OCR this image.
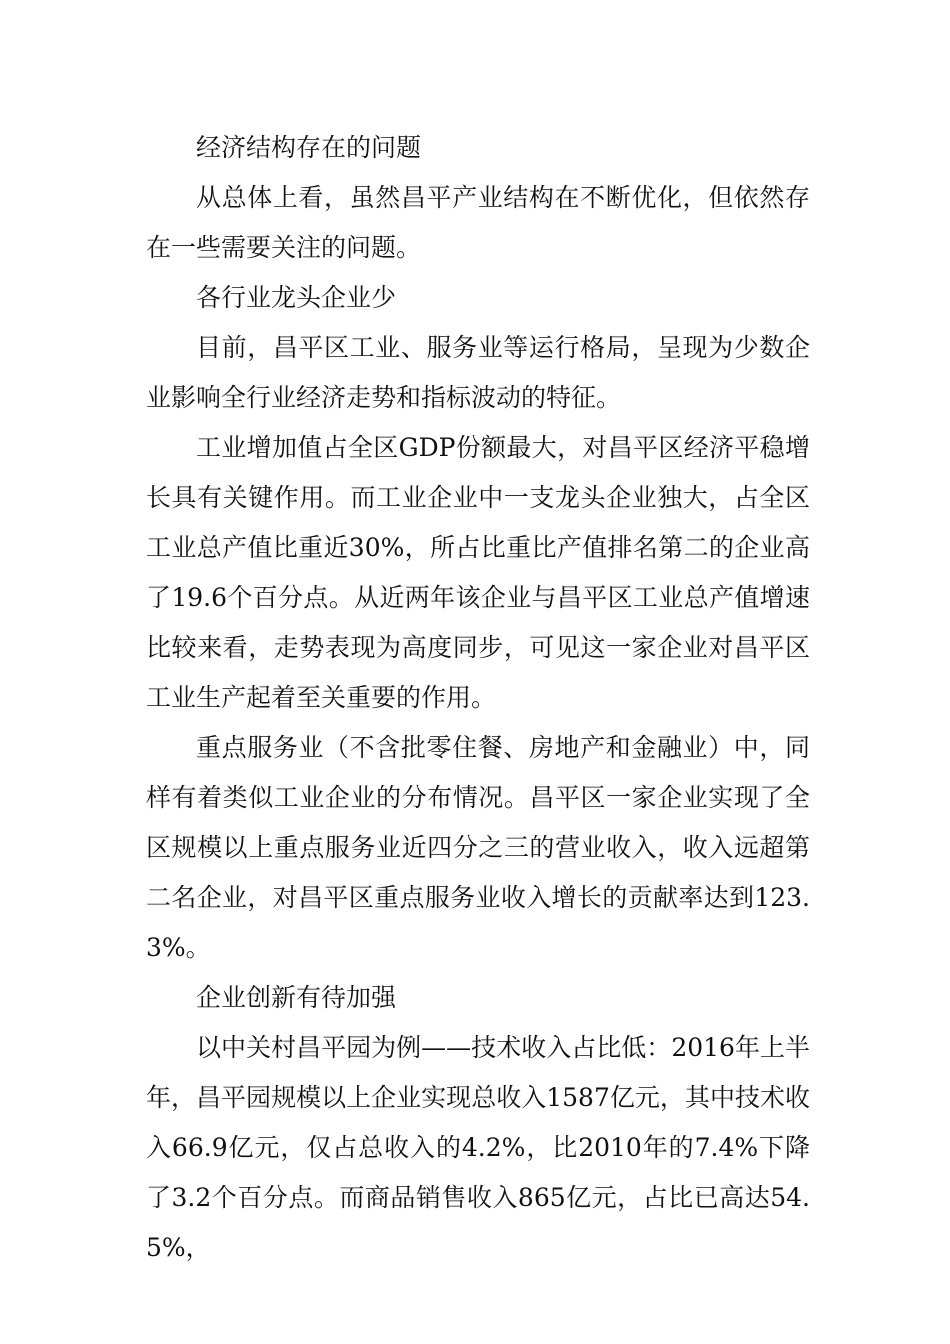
经济结构存在的问题

从总体上看，虽然昌平产业结构在不断优化，但依然存在一些需要关注的问题。

各行业龙头企业少

目前，昌平区工业、服务业等运行格局，呈现为少数企业影响全行业经济走势和指标波动的特征。

工业增加值占全区GDP份额最大，对昌平区经济平稳增长具有关键作用。而工业企业中一支龙头企业独大，占全区工业总产值比重近30%，所占比重比产值排名第二的企业高了19.6个百分点。从近两年该企业与昌平区工业总产值增速比较来看，走势表现为高度同步，可见这一家企业对昌平区工业生产起着至关重要的作用。

重点服务业（不含批零住餐、房地产和金融业）中，同样有着类似工业企业的分布情况。昌平区一家企业实现了全区规模以上重点服务业近四分之三的营业收入，收入远超第二名企业，对昌平区重点服务业收入增长的贡献率达到123.3%。

企业创新有待加强

以中关村昌平园为例——技术收入占比低：2016年上半年，昌平园规模以上企业实现总收入1587亿元，其中技术收入66.9亿元，仅占总收入的4.2%，比2010年的7.4%下降了3.2个百分点。而商品销售收入865亿元，占比已高达54.5%，
